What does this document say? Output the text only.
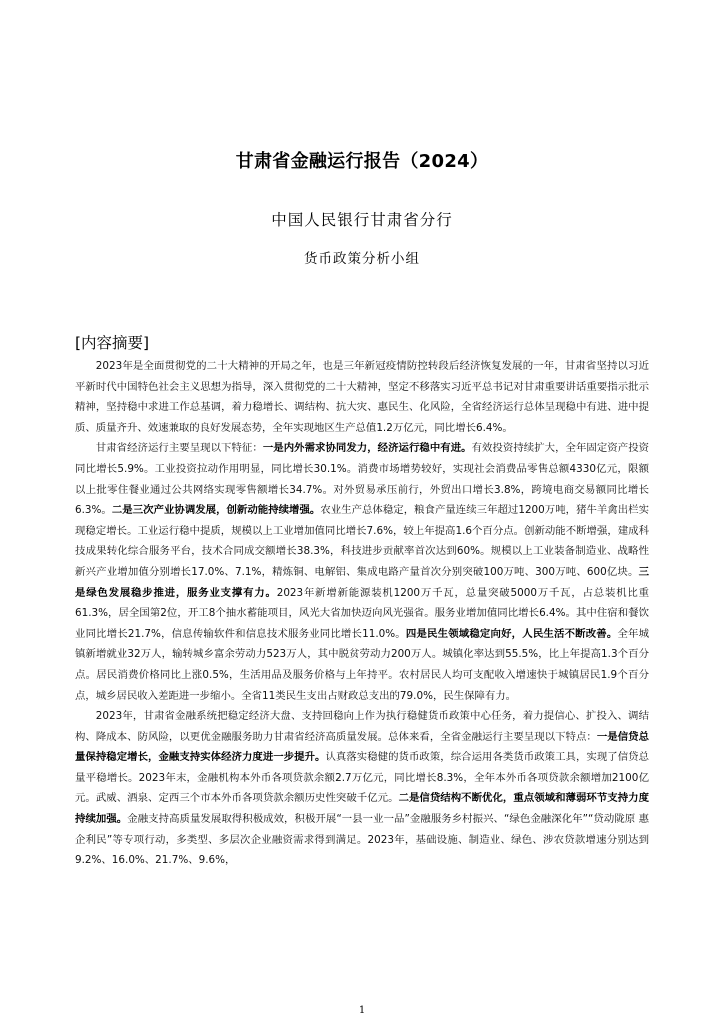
甘肃省金融运行报告（2024）
中国人民银行甘肃省分行
货币政策分析小组
[内容摘要]

2023年是全面贯彻党的二十大精神的开局之年，也是三年新冠疫情防控转段后经济恢复发展的一年，甘肃省坚持以习近平新时代中国特色社会主义思想为指导，深入贯彻党的二十大精神，坚定不移落实习近平总书记对甘肃重要讲话重要指示批示精神，坚持稳中求进工作总基调，着力稳增长、调结构、抗大灾、惠民生、化风险，全省经济运行总体呈现稳中有进、进中提质、质量齐升、效速兼取的良好发展态势，全年实现地区生产总值1.2万亿元，同比增长6.4%。

甘肃省经济运行主要呈现以下特征：一是内外需求协同发力，经济运行稳中有进。有效投资持续扩大，全年固定资产投资同比增长5.9%。工业投资拉动作用明显，同比增长30.1%。消费市场增势较好，实现社会消费品零售总额4330亿元，限额以上批零住餐业通过公共网络实现零售额增长34.7%。对外贸易承压前行，外贸出口增长3.8%，跨境电商交易额同比增长6.3%。二是三次产业协调发展，创新动能持续增强。农业生产总体稳定，粮食产量连续三年超过1200万吨，猪牛羊禽出栏实现稳定增长。工业运行稳中提质，规模以上工业增加值同比增长7.6%，较上年提高1.6个百分点。创新动能不断增强，建成科技成果转化综合服务平台，技术合同成交额增长38.3%，科技进步贡献率首次达到60%。规模以上工业装备制造业、战略性新兴产业增加值分别增长17.0%、7.1%，精炼铜、电解铝、集成电路产量首次分别突破100万吨、300万吨、600亿块。三是绿色发展稳步推进，服务业支撑有力。2023年新增新能源装机1200万千瓦，总量突破5000万千瓦，占总装机比重61.3%，居全国第2位，开工8个抽水蓄能项目，风光大省加快迈向风光强省。服务业增加值同比增长6.4%。其中住宿和餐饮业同比增长21.7%，信息传输软件和信息技术服务业同比增长11.0%。四是民生领域稳定向好，人民生活不断改善。全年城镇新增就业32万人，输转城乡富余劳动力523万人，其中脱贫劳动力200万人。城镇化率达到55.5%，比上年提高1.3个百分点。居民消费价格同比上涨0.5%，生活用品及服务价格与上年持平。农村居民人均可支配收入增速快于城镇居民1.9个百分点，城乡居民收入差距进一步缩小。全省11类民生支出占财政总支出的79.0%，民生保障有力。

2023年，甘肃省金融系统把稳定经济大盘、支持回稳向上作为执行稳健货币政策中心任务，着力提信心、扩投入、调结构、降成本、防风险，以更优金融服务助力甘肃省经济高质量发展。总体来看，全省金融运行主要呈现以下特点：一是信贷总量保持稳定增长，金融支持实体经济力度进一步提升。认真落实稳健的货币政策，综合运用各类货币政策工具，实现了信贷总量平稳增长。2023年末，金融机构本外币各项贷款余额2.7万亿元，同比增长8.3%，全年本外币各项贷款余额增加2100亿元。武威、酒泉、定西三个市本外币各项贷款余额历史性突破千亿元。二是信贷结构不断优化，重点领域和薄弱环节支持力度持续加强。金融支持高质量发展取得积极成效，积极开展“一县一业一品”金融服务乡村振兴、“绿色金融深化年”“贷动陇原 惠企利民”等专项行动，多类型、多层次企业融资需求得到满足。2023年，基础设施、制造业、绿色、涉农贷款增速分别达到9.2%、16.0%、21.7%、9.6%，

1
